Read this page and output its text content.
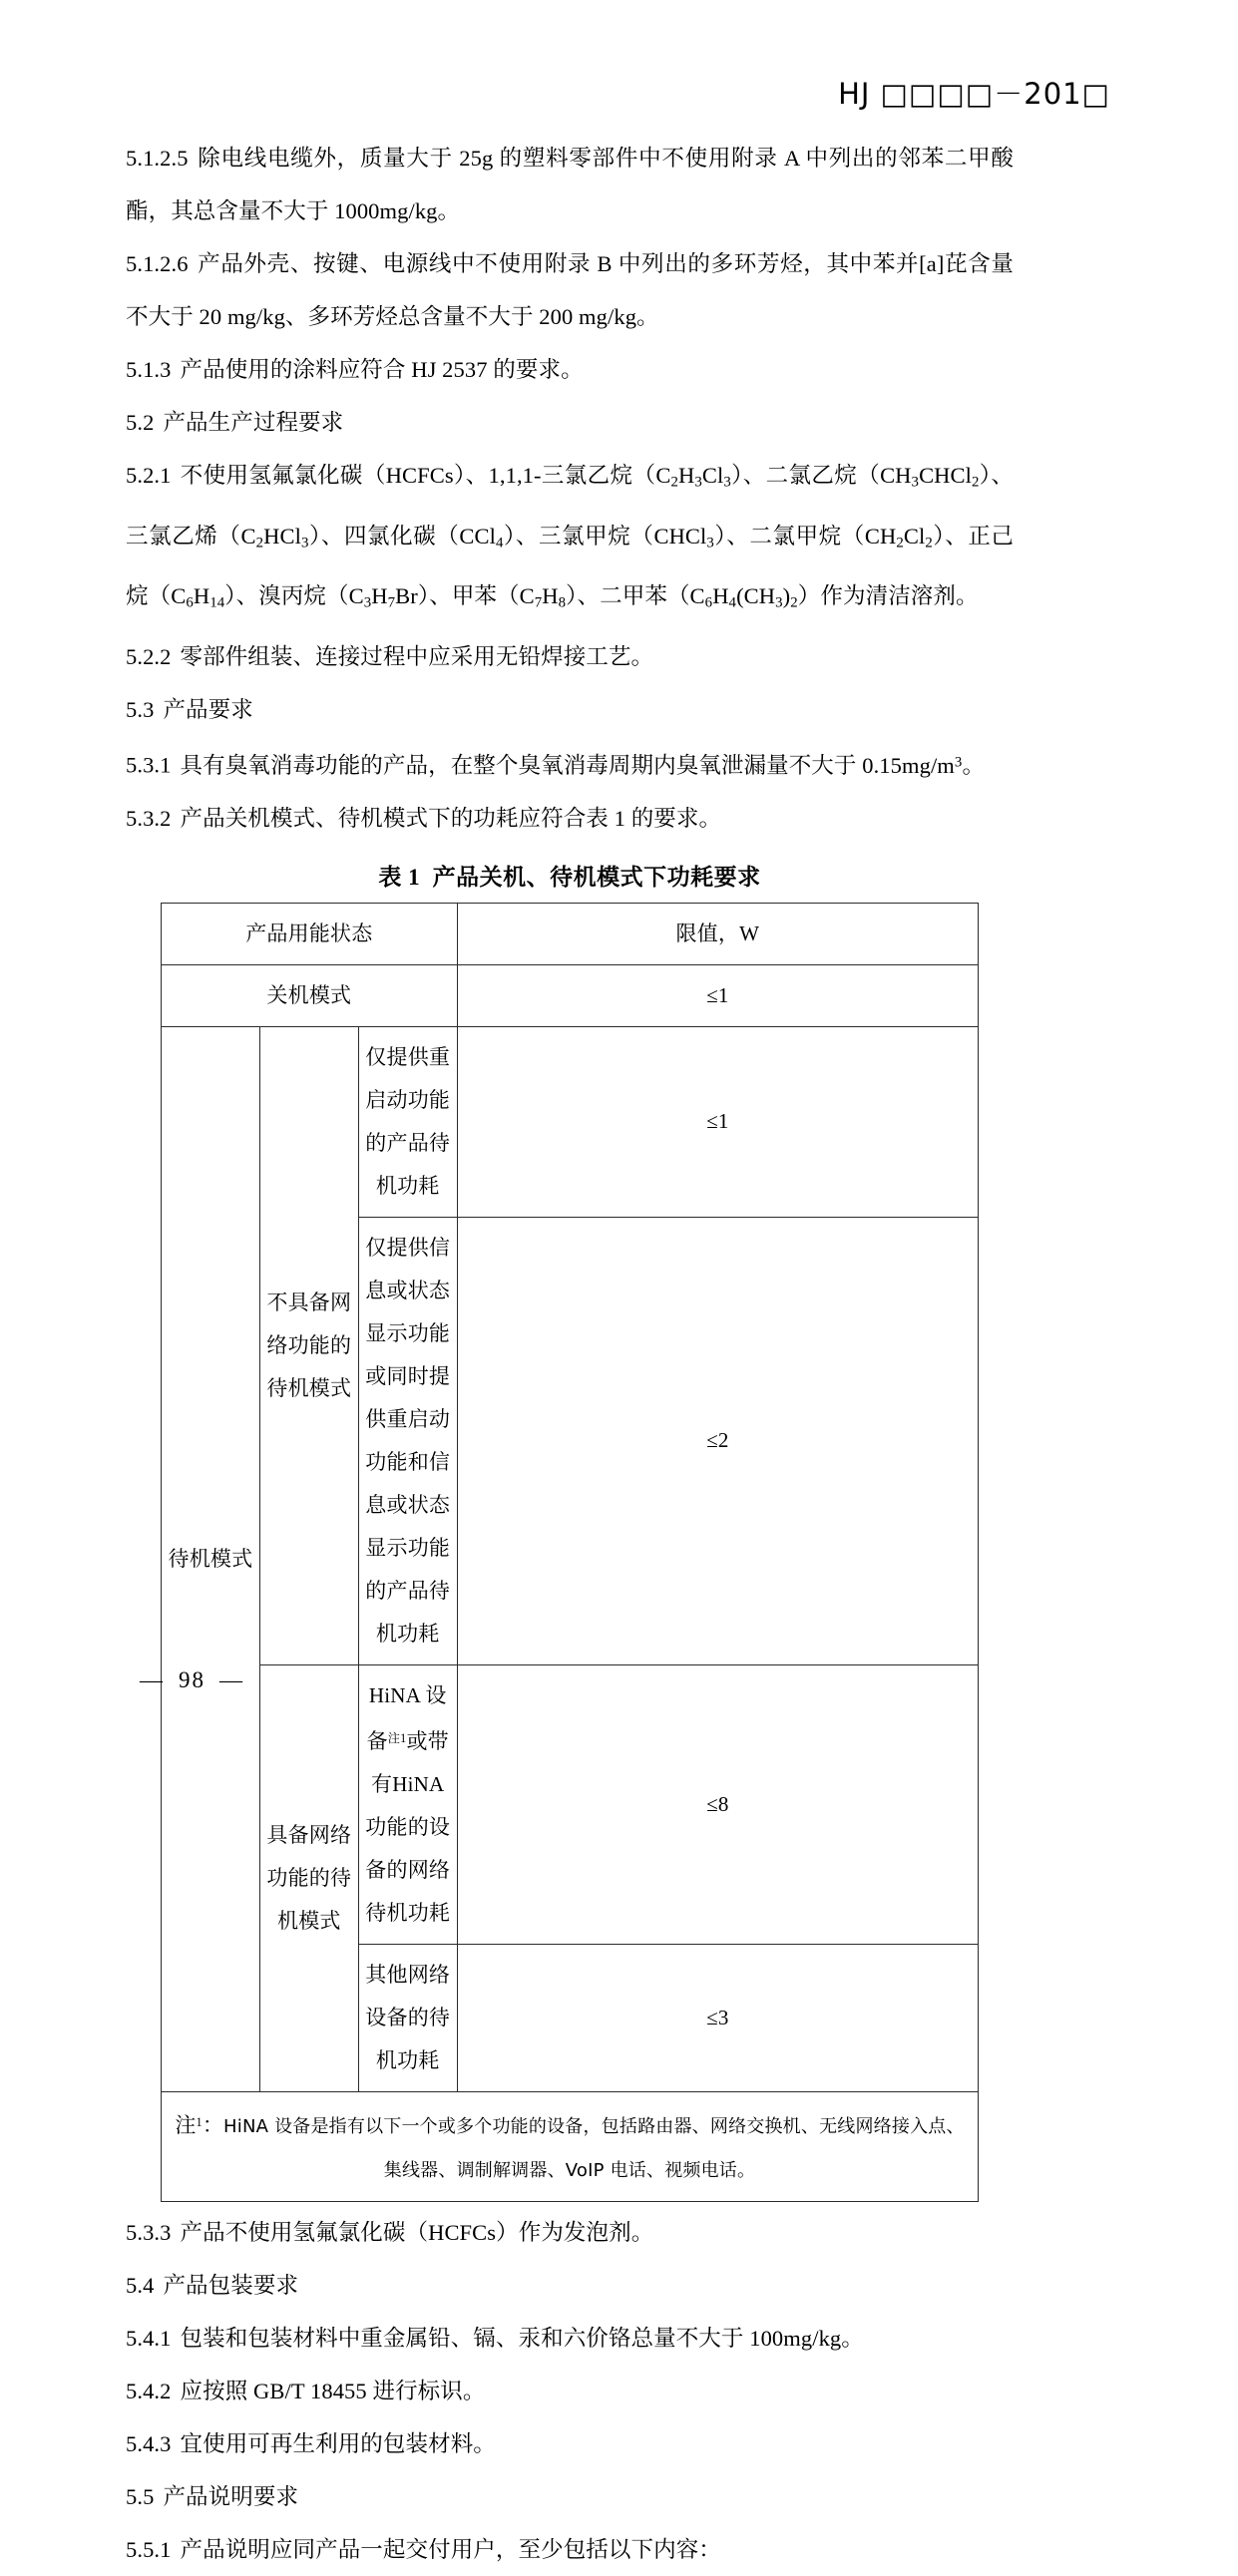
HJ □□□□－201□

5.1.2.5 除电线电缆外，质量大于 25g 的塑料零部件中不使用附录 A 中列出的邻苯二甲酸酯，其总含量不大于 1000mg/kg。

5.1.2.6 产品外壳、按键、电源线中不使用附录 B 中列出的多环芳烃，其中苯并[a]芘含量不大于 20 mg/kg、多环芳烃总含量不大于 200 mg/kg。

5.1.3 产品使用的涂料应符合 HJ 2537 的要求。

5.2 产品生产过程要求

5.2.1 不使用氢氟氯化碳（HCFCs）、1,1,1-三氯乙烷$(C_2H_3Cl_3)$、二氯乙烷$(CH_3CHCl_2)$、三氯乙烯$(C_2HCl_3)$、四氯化碳（CCl$_4$）、三氯甲烷（CHCl$_3$）、二氯甲烷$(CH_2Cl_2)$、正己烷$(C_6H_{14})$、溴丙烷$(C_3H_7Br)$、甲苯$(C_7H_8)$、二甲苯$(C_6H_4(CH_3)_2)$作为清洁溶剂。

5.2.2 零部件组装、连接过程中应采用无铅焊接工艺。

5.3 产品要求

5.3.1 具有臭氧消毒功能的产品，在整个臭氧消毒周期内臭氧泄漏量不大于 $0.15mg/m^3$。

5.3.2 产品关机模式、待机模式下的功耗应符合表 1 的要求。

表 1 产品关机、待机模式下功耗要求
产品用能状态			限值，W
关机模式			≤1
待机模式	不具备网络功能的待机模式	仅提供重启动功能的产品待机功耗	≤1
		仅提供信息或状态显示功能或同时提供重启动功能和信息或状态显示功能的产品待机功耗	≤2
	具备网络功能的待机模式	HiNA 设备$^{注1}$或带有HiNA 功能的设备的网络待机功耗	≤8
		其他网络设备的待机功耗	≤3
注$^1$：HiNA 设备是指有以下一个或多个功能的设备，包括路由器、网络交换机、无线网络接入点、集线器、调制解调器、VoIP 电话、视频电话。			

5.3.3 产品不使用氢氟氯化碳（HCFCs）作为发泡剂。

5.4 产品包装要求

5.4.1 包装和包装材料中重金属铅、镉、汞和六价铬总量不大于 100mg/kg。

5.4.2 应按照 GB/T 18455 进行标识。

5.4.3 宜使用可再生利用的包装材料。

5.5 产品说明要求

5.5.1 产品说明应同产品一起交付用户，至少包括以下内容：

— 98 —
